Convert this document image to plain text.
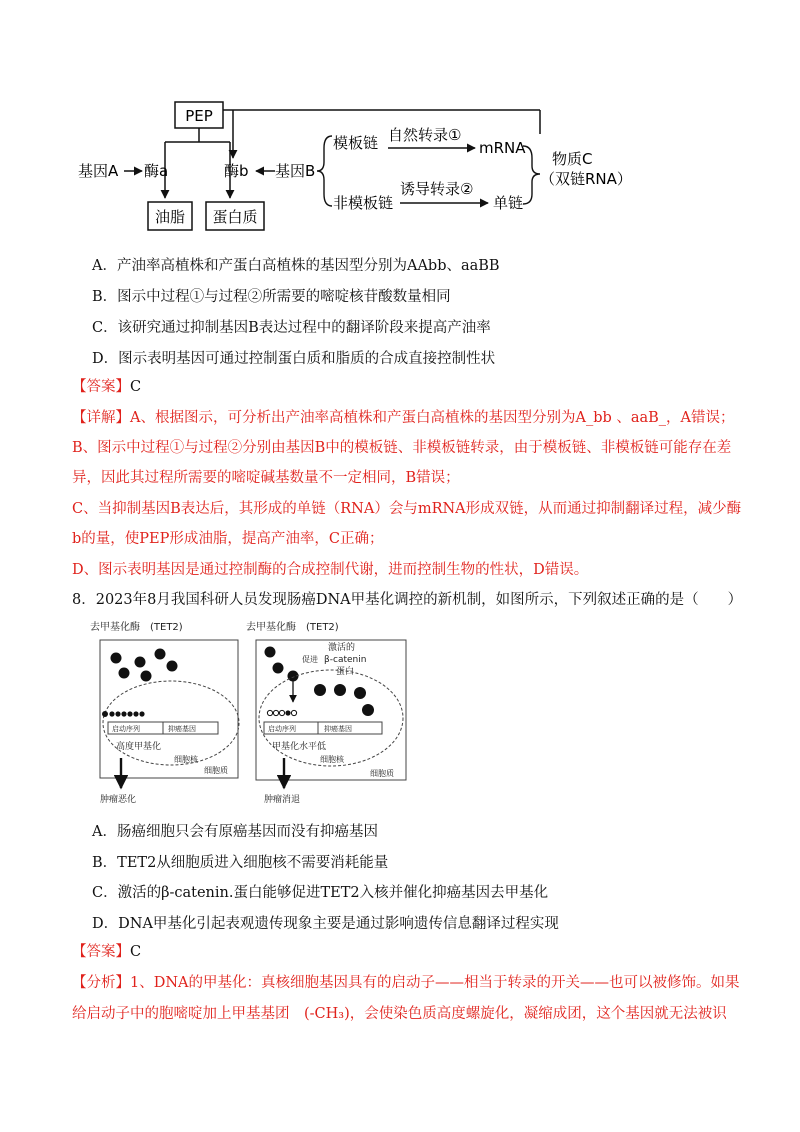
PEP
基因A 酶a	酶b 基因B
油脂 蛋白质
模板链 自然转录①
mRNA
非模板链
诱导转录②
单链
物质C
（双链RNA）
A．产油率高植株和产蛋白高植株的基因型分别为AAbb、aaBB
B．图示中过程①与过程②所需要的嘧啶核苷酸数量相同
C．该研究通过抑制基因B表达过程中的翻译阶段来提高产油率
D．图示表明基因可通过控制蛋白质和脂质的合成直接控制性状
【答案】C
【详解】A、根据图示，可分析出产油率高植株和产蛋白高植株的基因型分别为A_bb 、aaB_，A错误；
B、图示中过程①与过程②分别由基因B中的模板链、非模板链转录，由于模板链、非模板链可能存在差
异，因此其过程所需要的嘧啶碱基数量不一定相同，B错误；
C、当抑制基因B表达后，其形成的单链（RNA）会与mRNA形成双链，从而通过抑制翻译过程，减少酶
b的量，使PEP形成油脂，提高产油率，C正确；
D、图示表明基因是通过控制酶的合成控制代谢，进而控制生物的性状，D错误。
8．2023年8月我国科研人员发现肠癌DNA甲基化调控的新机制，如图所示，下列叙述正确的是（　　）
去甲基化酶　(TET2)
启动序列	抑癌基因
高度甲基化
细胞核
细胞质
肿瘤恶化
去甲基化酶　(TET2)
促进
激活的
β-catenin
蛋白
启动序列	抑癌基因
甲基化水平低
细胞核
细胞质
肿瘤消退
A．肠癌细胞只会有原癌基因而没有抑癌基因
B．TET2从细胞质进入细胞核不需要消耗能量
C．激活的β-catenin.蛋白能够促进TET2入核并催化抑癌基因去甲基化
D．DNA甲基化引起表观遗传现象主要是通过影响遗传信息翻译过程实现
【答案】C
【分析】1、DNA的甲基化：真核细胞基因具有的启动子——相当于转录的开关——也可以被修饰。如果
给启动子中的胞嘧啶加上甲基基团　(-CH₃)，会使染色质高度螺旋化，凝缩成团，这个基因就无法被识
